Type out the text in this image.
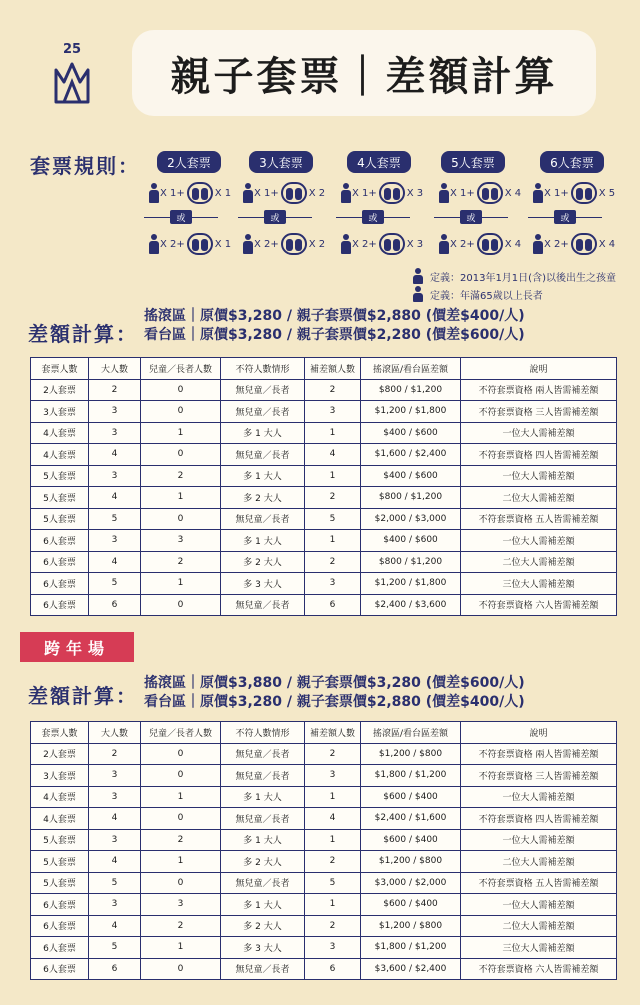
25
親子套票｜差額計算
套票規則：	2人套票
X 1+	X 1
X 2+	X 1
或
3人套票
X 1+	X 2
X 2+	X 2
或
4人套票
X 1+	X 3
X 2+	X 3
或
5人套票
X 1+	X 4
X 2+	X 4
或
6人套票
X 1+	X 5
X 2+	X 4
或
定義：2013年1月1日(含)以後出生之孩童
定義：年滿65歲以上長者
差額計算：
搖滾區｜原價$3,280 / 親子套票價$2,880 (價差$400/人)
看台區｜原價$3,280 / 親子套票價$2,280 (價差$600/人)
套票人數	大人數	兒童／長者人數	不符人數情形	補差額人數	搖滾區/看台區差額	說明
2人套票	2	0	無兒童／長者	2	$800 / $1,200	不符套票資格 兩人皆需補差額
3人套票	3	0	無兒童／長者	3	$1,200 / $1,800	不符套票資格 三人皆需補差額
4人套票	3	1	多 1 大人	1	$400 / $600	一位大人需補差額
4人套票	4	0	無兒童／長者	4	$1,600 / $2,400	不符套票資格 四人皆需補差額
5人套票	3	2	多 1 大人	1	$400 / $600	一位大人需補差額
5人套票	4	1	多 2 大人	2	$800 / $1,200	二位大人需補差額
5人套票	5	0	無兒童／長者	5	$2,000 / $3,000	不符套票資格 五人皆需補差額
6人套票	3	3	多 1 大人	1	$400 / $600	一位大人需補差額
6人套票	4	2	多 2 大人	2	$800 / $1,200	二位大人需補差額
6人套票	5	1	多 3 大人	3	$1,200 / $1,800	三位大人需補差額
6人套票	6	0	無兒童／長者	6	$2,400 / $3,600	不符套票資格 六人皆需補差額
跨年場
差額計算：
搖滾區｜原價$3,880 / 親子套票價$3,280 (價差$600/人)
看台區｜原價$3,280 / 親子套票價$2,880 (價差$400/人)
套票人數	大人數	兒童／長者人數	不符人數情形	補差額人數	搖滾區/看台區差額	說明
2人套票	2	0	無兒童／長者	2	$1,200 / $800	不符套票資格 兩人皆需補差額
3人套票	3	0	無兒童／長者	3	$1,800 / $1,200	不符套票資格 三人皆需補差額
4人套票	3	1	多 1 大人	1	$600 / $400	一位大人需補差額
4人套票	4	0	無兒童／長者	4	$2,400 / $1,600	不符套票資格 四人皆需補差額
5人套票	3	2	多 1 大人	1	$600 / $400	一位大人需補差額
5人套票	4	1	多 2 大人	2	$1,200 / $800	二位大人需補差額
5人套票	5	0	無兒童／長者	5	$3,000 / $2,000	不符套票資格 五人皆需補差額
6人套票	3	3	多 1 大人	1	$600 / $400	一位大人需補差額
6人套票	4	2	多 2 大人	2	$1,200 / $800	二位大人需補差額
6人套票	5	1	多 3 大人	3	$1,800 / $1,200	三位大人需補差額
6人套票	6	0	無兒童／長者	6	$3,600 / $2,400	不符套票資格 六人皆需補差額
